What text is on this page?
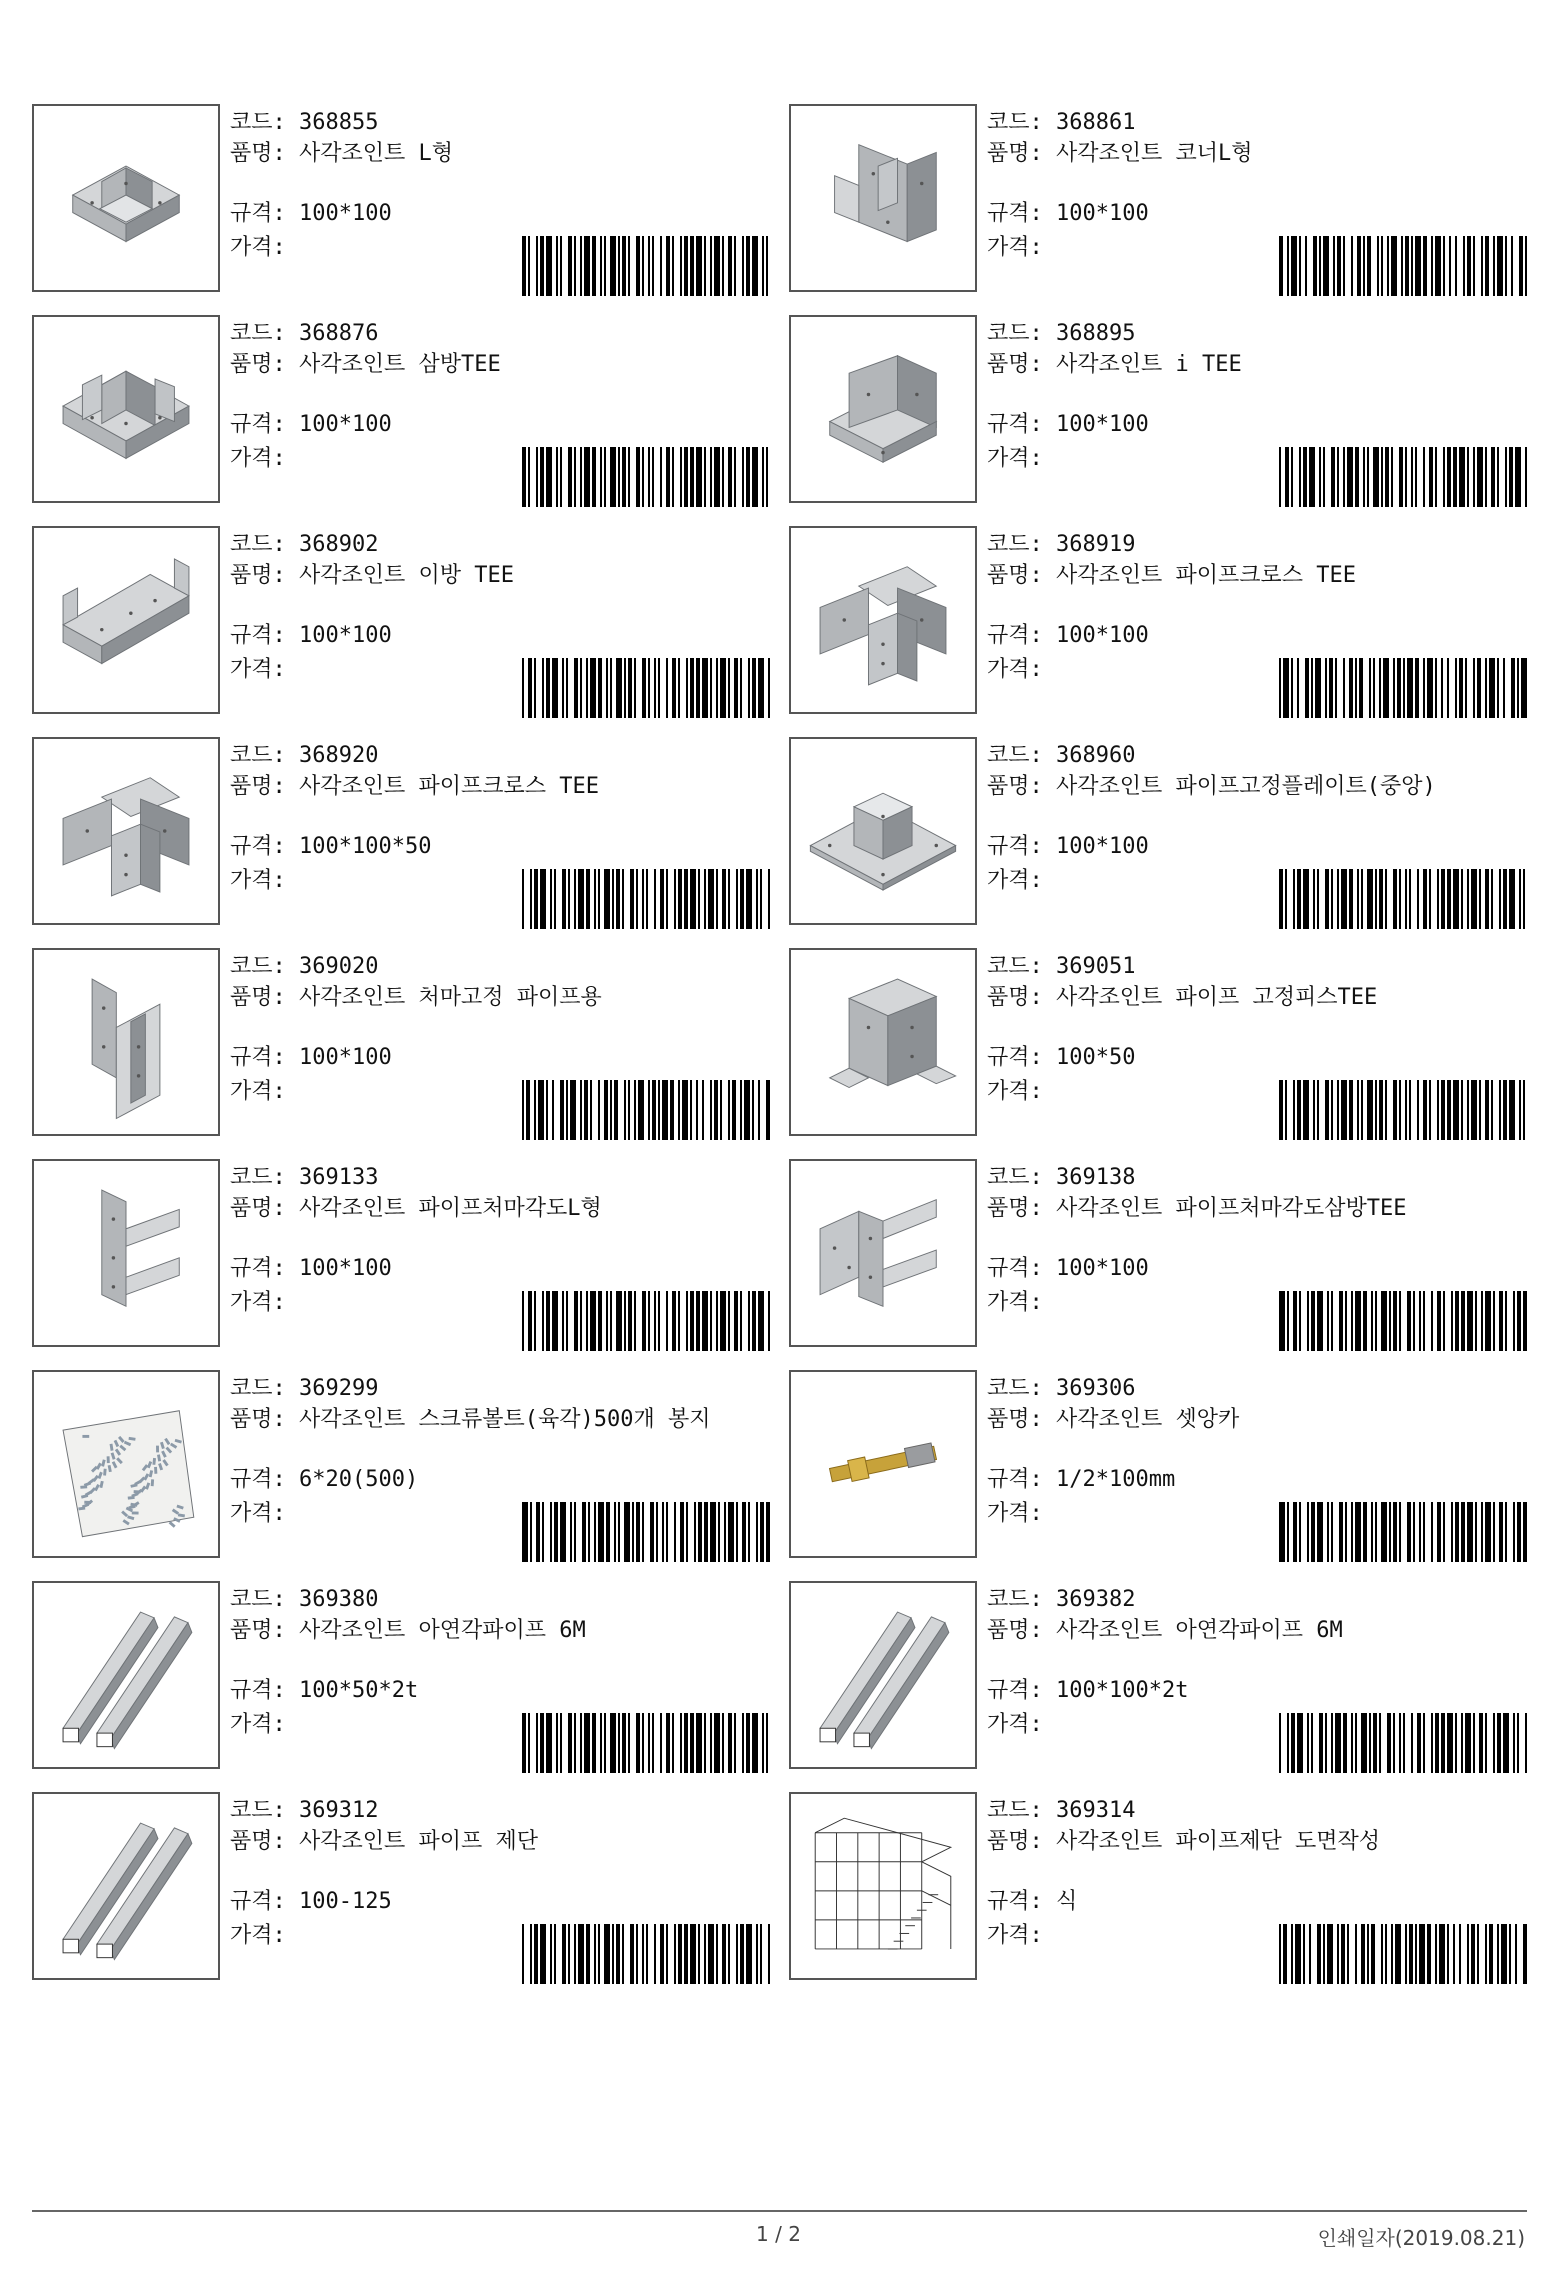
코드: 368855
품명: 사각조인트 L형
규격: 100*100
가격:
코드: 368861
품명: 사각조인트 코너L형
규격: 100*100
가격:
코드: 368876
품명: 사각조인트 삼방TEE
규격: 100*100
가격:
코드: 368895
품명: 사각조인트 i TEE
규격: 100*100
가격:
코드: 368902
품명: 사각조인트 이방 TEE
규격: 100*100
가격:
코드: 368919
품명: 사각조인트 파이프크로스 TEE
규격: 100*100
가격:
코드: 368920
품명: 사각조인트 파이프크로스 TEE
규격: 100*100*50
가격:
코드: 368960
품명: 사각조인트 파이프고정플레이트(중앙)
규격: 100*100
가격:
코드: 369020
품명: 사각조인트 처마고정 파이프용
규격: 100*100
가격:
코드: 369051
품명: 사각조인트 파이프 고정피스TEE
규격: 100*50
가격:
코드: 369133
품명: 사각조인트 파이프처마각도L형
규격: 100*100
가격:
코드: 369138
품명: 사각조인트 파이프처마각도삼방TEE
규격: 100*100
가격:
코드: 369299
품명: 사각조인트 스크류볼트(육각)500개 봉지
규격: 6*20(500)
가격:
코드: 369306
품명: 사각조인트 셋앙카
규격: 1/2*100mm
가격:
코드: 369380
품명: 사각조인트 아연각파이프 6M
규격: 100*50*2t
가격:
코드: 369382
품명: 사각조인트 아연각파이프 6M
규격: 100*100*2t
가격:
코드: 369312
품명: 사각조인트 파이프 제단
규격: 100-125
가격:
코드: 369314
품명: 사각조인트 파이프제단 도면작성
규격: 식
가격:
1 / 2	인쇄일자(2019.08.21)
